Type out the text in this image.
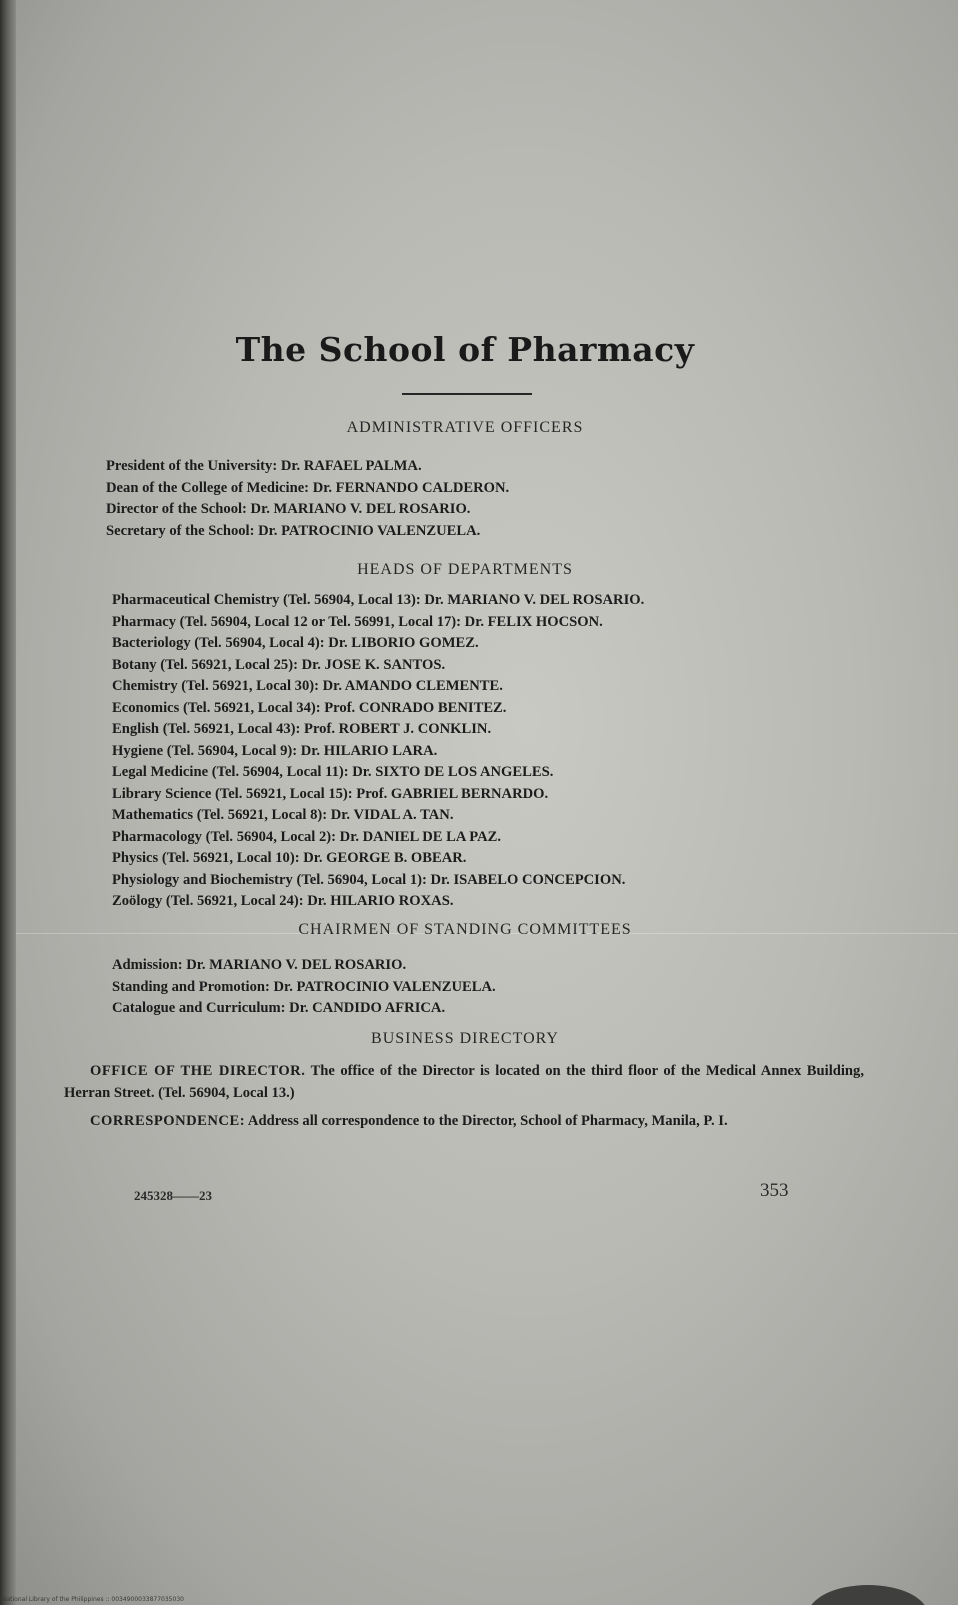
The School of Pharmacy
ADMINISTRATIVE OFFICERS
President of the University: Dr. RAFAEL PALMA.
Dean of the College of Medicine: Dr. FERNANDO CALDERON.
Director of the School: Dr. MARIANO V. DEL ROSARIO.
Secretary of the School: Dr. PATROCINIO VALENZUELA.
HEADS OF DEPARTMENTS
Pharmaceutical Chemistry (Tel. 56904, Local 13): Dr. MARIANO V. DEL ROSARIO.
Pharmacy (Tel. 56904, Local 12 or Tel. 56991, Local 17): Dr. FELIX HOCSON.
Bacteriology (Tel. 56904, Local 4): Dr. LIBORIO GOMEZ.
Botany (Tel. 56921, Local 25): Dr. JOSE K. SANTOS.
Chemistry (Tel. 56921, Local 30): Dr. AMANDO CLEMENTE.
Economics (Tel. 56921, Local 34): Prof. CONRADO BENITEZ.
English (Tel. 56921, Local 43): Prof. ROBERT J. CONKLIN.
Hygiene (Tel. 56904, Local 9): Dr. HILARIO LARA.
Legal Medicine (Tel. 56904, Local 11): Dr. SIXTO DE LOS ANGELES.
Library Science (Tel. 56921, Local 15): Prof. GABRIEL BERNARDO.
Mathematics (Tel. 56921, Local 8): Dr. VIDAL A. TAN.
Pharmacology (Tel. 56904, Local 2): Dr. DANIEL DE LA PAZ.
Physics (Tel. 56921, Local 10): Dr. GEORGE B. OBEAR.
Physiology and Biochemistry (Tel. 56904, Local 1): Dr. ISABELO CONCEPCION.
Zoölogy (Tel. 56921, Local 24): Dr. HILARIO ROXAS.
CHAIRMEN OF STANDING COMMITTEES
Admission: Dr. MARIANO V. DEL ROSARIO.
Standing and Promotion: Dr. PATROCINIO VALENZUELA.
Catalogue and Curriculum: Dr. CANDIDO AFRICA.
BUSINESS DIRECTORY
OFFICE OF THE DIRECTOR. The office of the Director is located on the third floor of the Medical Annex Building, Herran Street. (Tel. 56904, Local 13.)
CORRESPONDENCE: Address all correspondence to the Director, School of Pharmacy, Manila, P. I.
245328——23	353
National Library of the Philippines :: 0034900033877035030
